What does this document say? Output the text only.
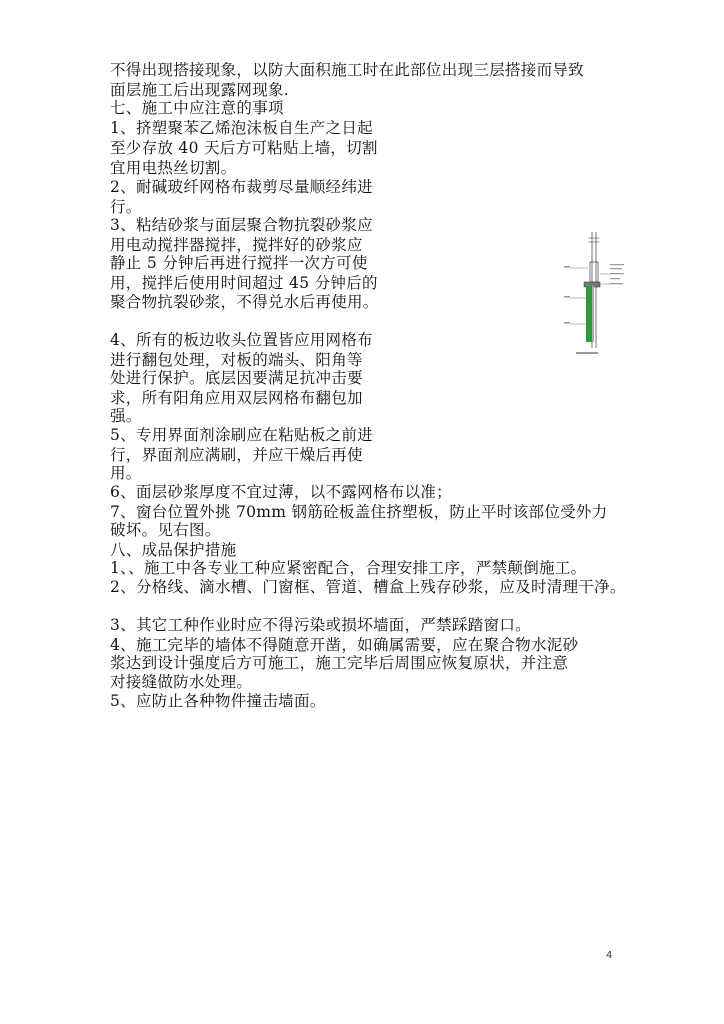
不得出现搭接现象，以防大面积施工时在此部位出现三层搭接而导致
面层施工后出现露网现象.
七、施工中应注意的事项
1、挤塑聚苯乙烯泡沫板自生产之日起
至少存放 40 天后方可粘贴上墙，切割
宜用电热丝切割。
2、耐碱玻纤网格布裁剪尽量顺经纬进
行。
3、粘结砂浆与面层聚合物抗裂砂浆应
用电动搅拌器搅拌，搅拌好的砂浆应
静止 5 分钟后再进行搅拌一次方可使
用，搅拌后使用时间超过 45 分钟后的
聚合物抗裂砂浆，不得兑水后再使用。
4、所有的板边收头位置皆应用网格布
进行翻包处理，对板的端头、阳角等
处进行保护。底层因要满足抗冲击要
求，所有阳角应用双层网格布翻包加
强。
5、专用界面剂涂刷应在粘贴板之前进
行，界面剂应满刷，并应干燥后再使
用。
6、面层砂浆厚度不宜过薄，以不露网格布以准；
7、窗台位置外挑 70mm 钢筋砼板盖住挤塑板，防止平时该部位受外力
破坏。见右图。
八、成品保护措施
1、、施工中各专业工种应紧密配合，合理安排工序，严禁颠倒施工。
2、分格线、滴水槽、门窗框、管道、槽盒上残存砂浆，应及时清理干净。
3、其它工种作业时应不得污染或损坏墙面，严禁踩踏窗口。
4、施工完毕的墙体不得随意开凿，如确属需要，应在聚合物水泥砂
浆达到设计强度后方可施工，施工完毕后周围应恢复原状，并注意
对接缝做防水处理。
5、应防止各种物件撞击墙面。
4
